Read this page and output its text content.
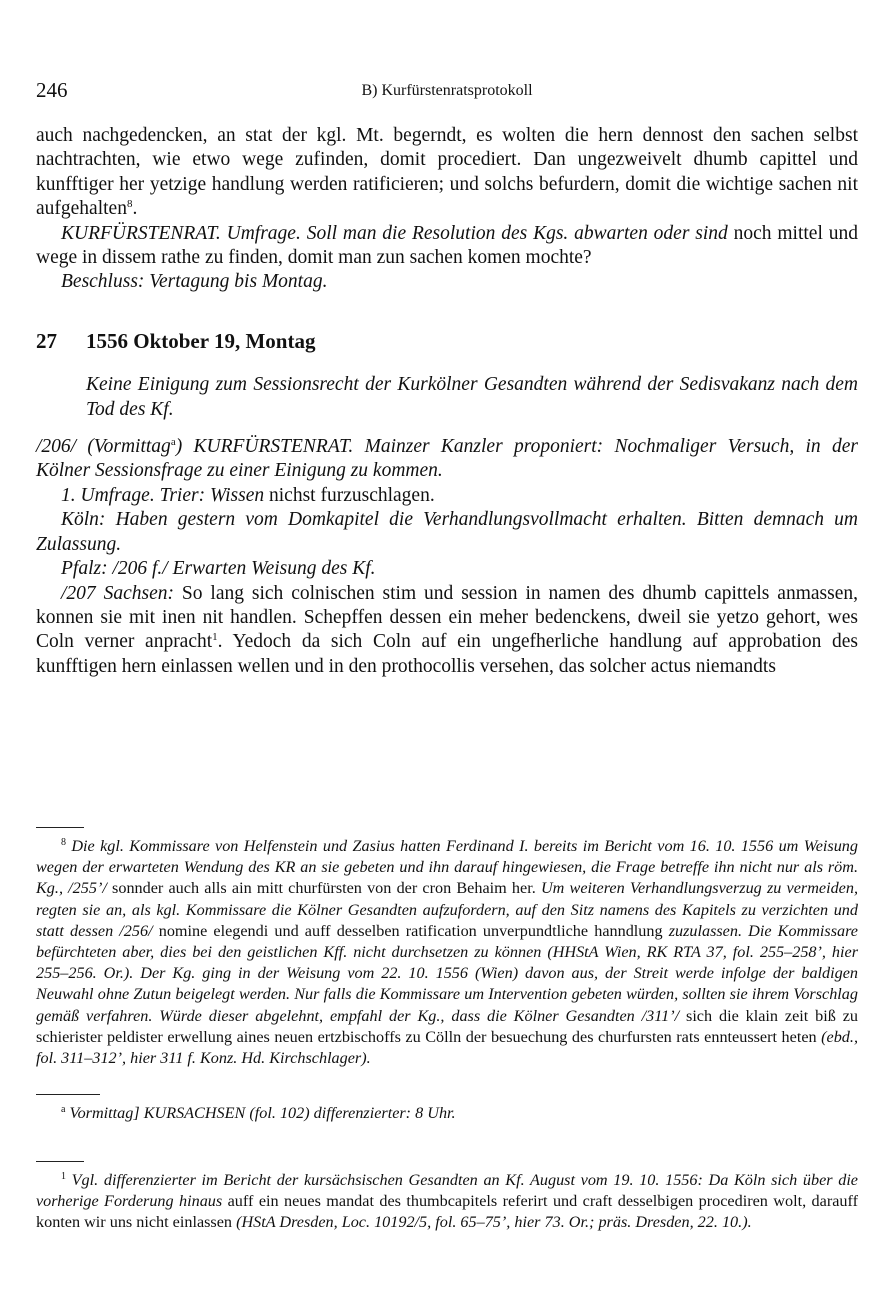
246	B) Kurfürstenratsprotokoll

auch nachgedencken, an stat der kgl. Mt. begerndt, es wolten die hern dennost den sachen selbst nachtrachten, wie etwo wege zufinden, domit procediert. Dan ungezweivelt dhumb capittel und kunfftiger her yetzige handlung werden ratificieren; und solchs befurdern, domit die wichtige sachen nit aufgehalten$^8$.

KURFÜRSTENRAT. Umfrage. Soll man die Resolution des Kgs. abwarten oder sind noch mittel und wege in dissem rathe zu finden, domit man zun sachen komen mochte?

Beschluss: Vertagung bis Montag.

27 1556 Oktober 19, Montag

Keine Einigung zum Sessionsrecht der Kurkölner Gesandten während der Sedisvakanz nach dem Tod des Kf.

/206/ (Vormittag$^a$) KURFÜRSTENRAT. Mainzer Kanzler proponiert: Nochmaliger Versuch, in der Kölner Sessionsfrage zu einer Einigung zu kommen.

1. Umfrage. Trier: Wissen nichst furzuschlagen.

Köln: Haben gestern vom Domkapitel die Verhandlungsvollmacht erhalten. Bitten demnach um Zulassung.

Pfalz: /206 f./ Erwarten Weisung des Kf.

/207 Sachsen: So lang sich colnischen stim und session in namen des dhumb capittels anmassen, konnen sie mit inen nit handlen. Schepffen dessen ein meher bedenckens, dweil sie yetzo gehort, wes Coln verner anpracht$^1$. Yedoch da sich Coln auf ein ungefherliche handlung auf approbation des kunfftigen hern einlassen wellen und in den prothocollis versehen, das solcher actus niemandts

$^8$ Die kgl. Kommissare von Helfenstein und Zasius hatten Ferdinand I. bereits im Bericht vom 16. 10. 1556 um Weisung wegen der erwarteten Wendung des KR an sie gebeten und ihn darauf hingewiesen, die Frage betreffe ihn nicht nur als röm. Kg., /255’/ sonnder auch alls ain mitt churfürsten von der cron Behaim her. Um weiteren Verhandlungsverzug zu vermeiden, regten sie an, als kgl. Kommissare die Kölner Gesandten aufzufordern, auf den Sitz namens des Kapitels zu verzichten und statt dessen /256/ nomine elegendi und auff desselben ratification unverpundtliche hanndlung zuzulassen. Die Kommissare befürchteten aber, dies bei den geistlichen Kff. nicht durchsetzen zu können (HHStA Wien, RK RTA 37, fol. 255–258’, hier 255–256. Or.). Der Kg. ging in der Weisung vom 22. 10. 1556 (Wien) davon aus, der Streit werde infolge der baldigen Neuwahl ohne Zutun beigelegt werden. Nur falls die Kommissare um Intervention gebeten würden, sollten sie ihrem Vorschlag gemäß verfahren. Würde dieser abgelehnt, empfahl der Kg., dass die Kölner Gesandten /311’/ sich die klain zeit biß zu schierister peldister erwellung aines neuen ertzbischoffs zu Cölln der besuechung des churfursten rats ennteussert heten (ebd., fol. 311–312’, hier 311 f. Konz. Hd. Kirchschlager).

$^a$ Vormittag] KURSACHSEN (fol. 102) differenzierter: 8 Uhr.

$^1$ Vgl. differenzierter im Bericht der kursächsischen Gesandten an Kf. August vom 19. 10. 1556: Da Köln sich über die vorherige Forderung hinaus auff ein neues mandat des thumbcapitels referirt und craft desselbigen procediren wolt, darauff konten wir uns nicht einlassen (HStA Dresden, Loc. 10192/5, fol. 65–75’, hier 73. Or.; präs. Dresden, 22. 10.).
